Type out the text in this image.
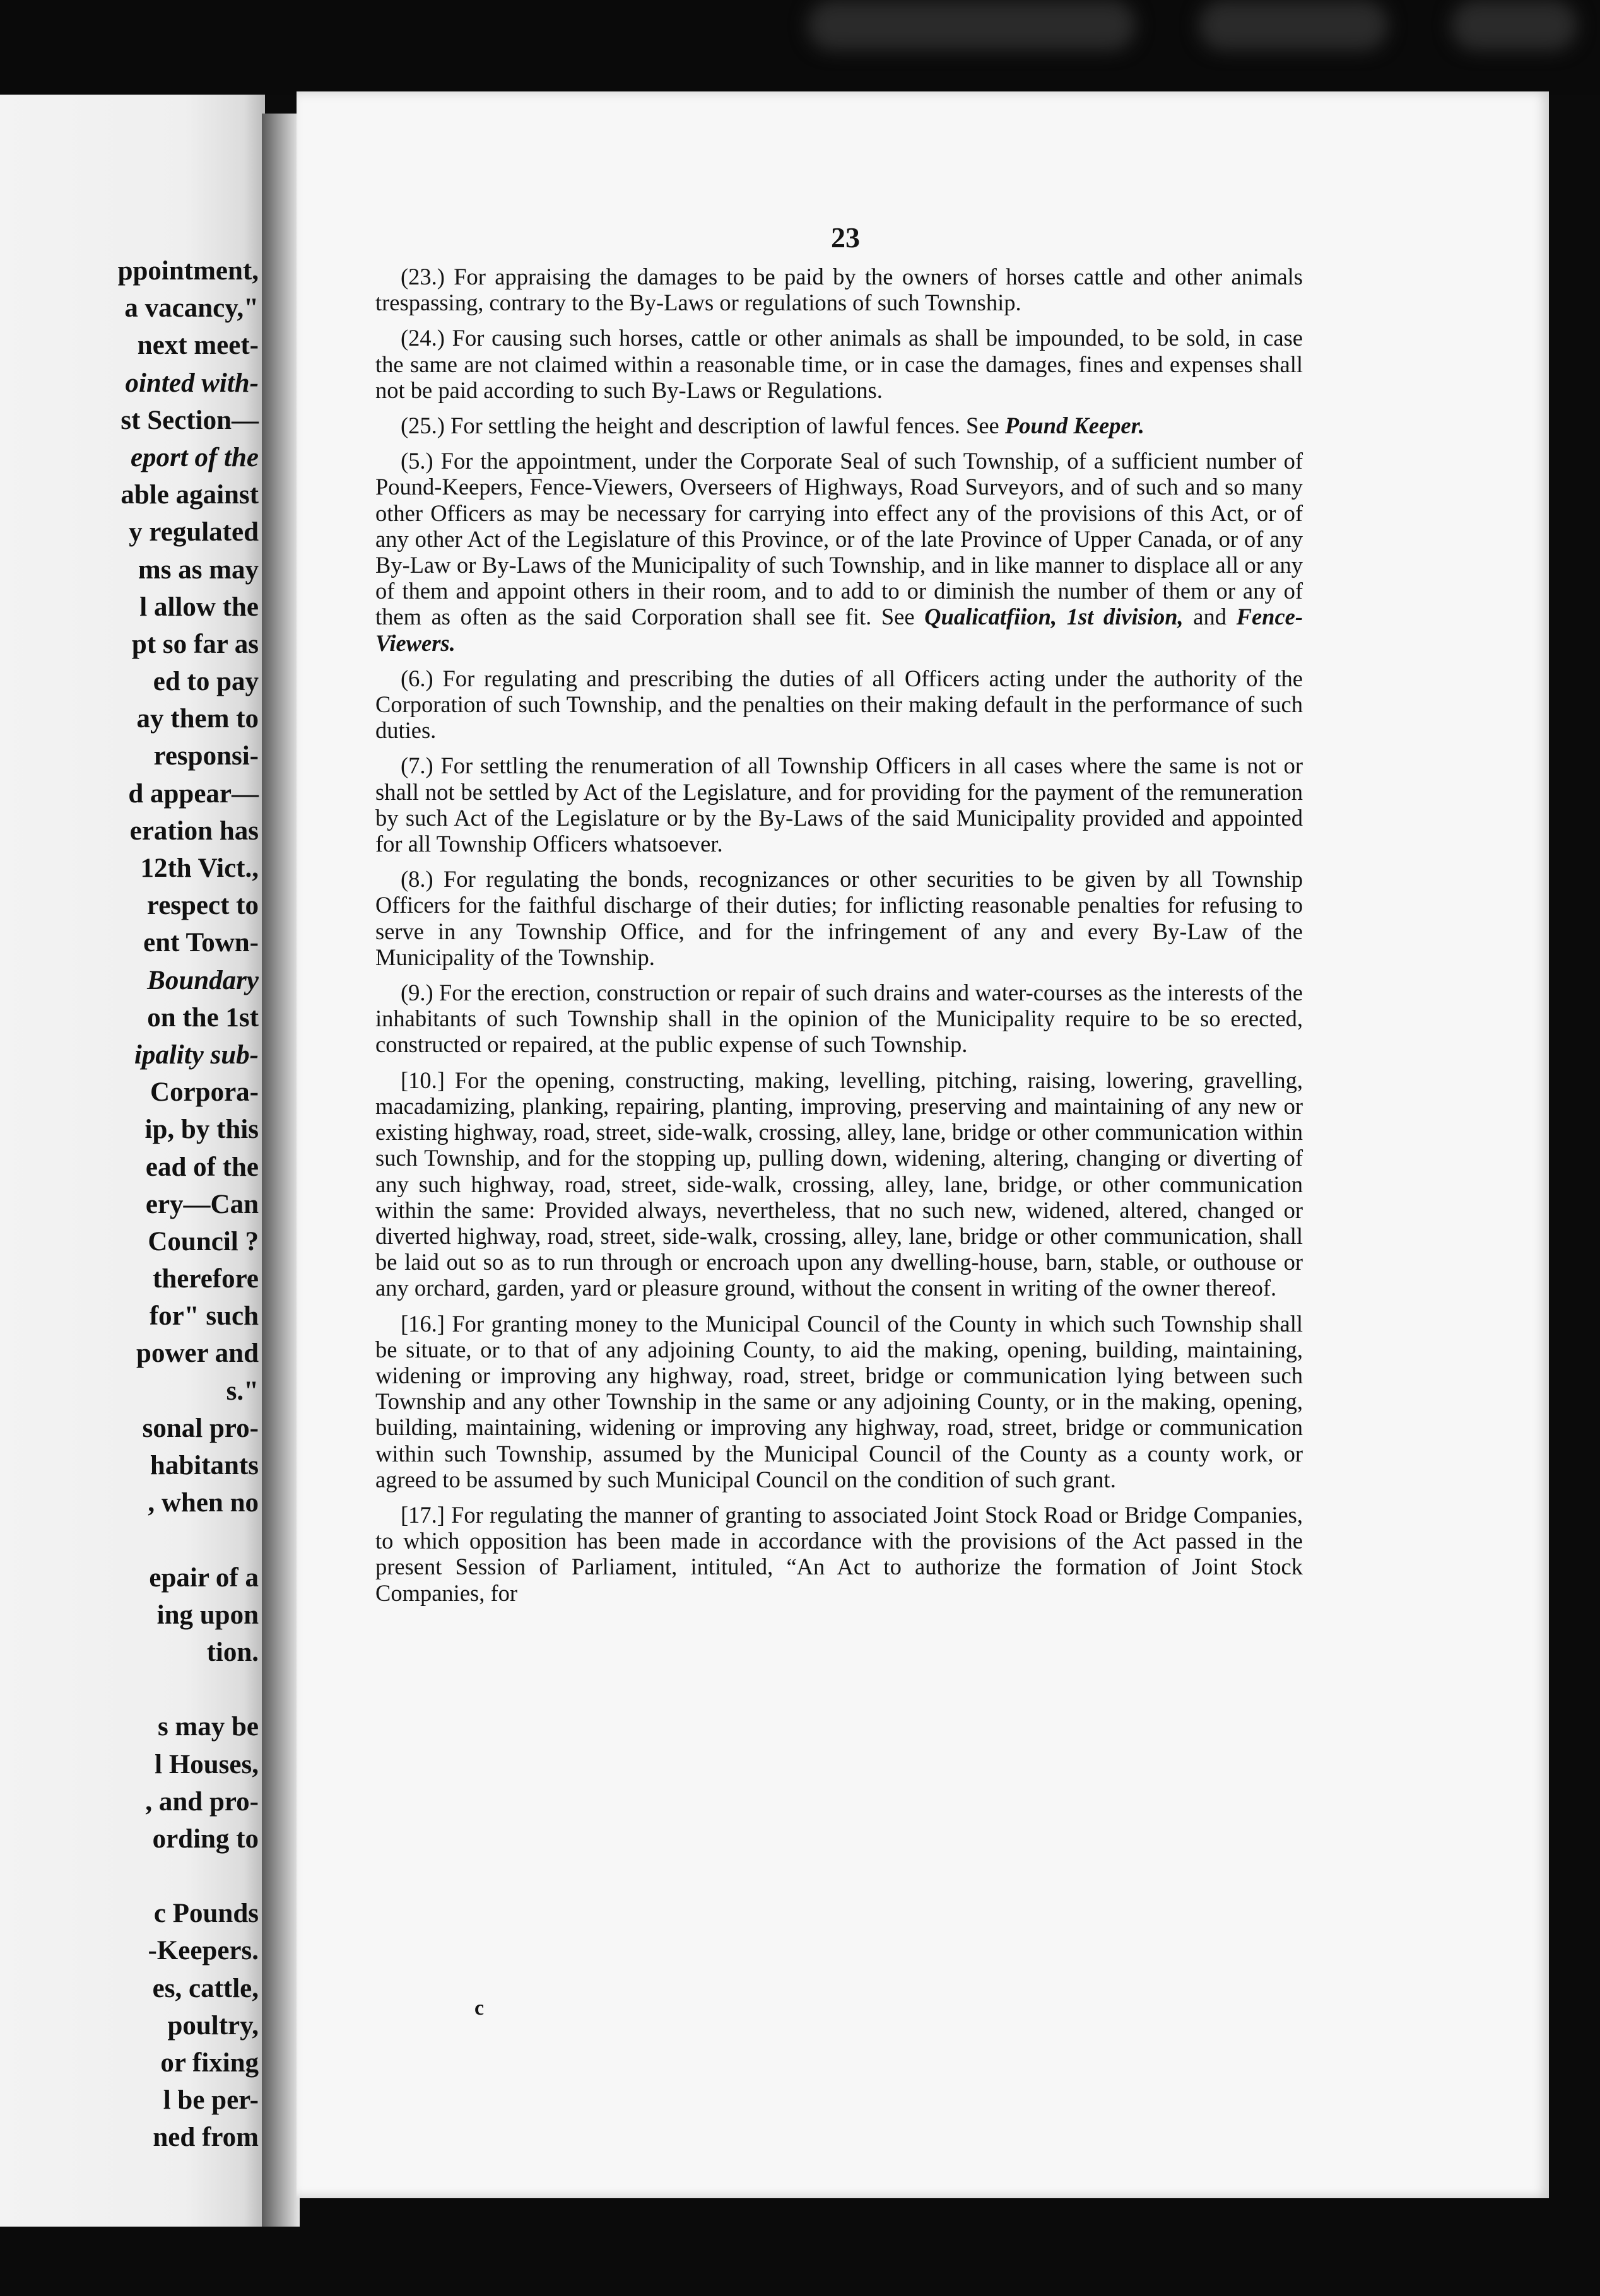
ppointment,
a vacancy,"
next meet-
ointed with-
st Section—
eport of the
able against
y regulated
ms as may
l allow the
pt so far as
ed to pay
ay them to
responsi-
d appear—
eration has
12th Vict.,
respect to
ent Town-
Boundary
on the 1st
ipality sub-
Corpora-
ip, by this
ead of the
ery—Can
Council ?
therefore
for" such
power and
s."
sonal pro-
habitants
, when no
epair of a
ing upon
tion.
s may be
l Houses,
, and pro-
ording to
c Pounds
-Keepers.
es, cattle,
poultry,
or fixing
l be per-
ned from
23

(23.) For appraising the damages to be paid by the owners of horses cattle and other animals trespassing, contrary to the By-Laws or regulations of such Township.

(24.) For causing such horses, cattle or other animals as shall be impounded, to be sold, in case the same are not claimed within a reasonable time, or in case the damages, fines and expenses shall not be paid according to such By-Laws or Regulations.

(25.) For settling the height and description of lawful fences. See Pound Keeper.

(5.) For the appointment, under the Corporate Seal of such Township, of a sufficient number of Pound-Keepers, Fence-Viewers, Overseers of Highways, Road Surveyors, and of such and so many other Officers as may be necessary for carrying into effect any of the provisions of this Act, or of any other Act of the Legislature of this Province, or of the late Province of Upper Canada, or of any By-Law or By-Laws of the Municipality of such Township, and in like manner to displace all or any of them and appoint others in their room, and to add to or diminish the number of them or any of them as often as the said Corporation shall see fit. See Qualicatfiion, 1st division, and Fence-Viewers.

(6.) For regulating and prescribing the duties of all Officers acting under the authority of the Corporation of such Township, and the penalties on their making default in the performance of such duties.

(7.) For settling the renumeration of all Township Officers in all cases where the same is not or shall not be settled by Act of the Legislature, and for providing for the payment of the remuneration by such Act of the Legislature or by the By-Laws of the said Municipality provided and appointed for all Township Officers whatsoever.

(8.) For regulating the bonds, recognizances or other securities to be given by all Township Officers for the faithful discharge of their duties; for inflicting reasonable penalties for refusing to serve in any Township Office, and for the infringement of any and every By-Law of the Municipality of the Township.

(9.) For the erection, construction or repair of such drains and water-courses as the interests of the inhabitants of such Township shall in the opinion of the Municipality require to be so erected, constructed or repaired, at the public expense of such Township.

[10.] For the opening, constructing, making, levelling, pitching, raising, lowering, gravelling, macadamizing, planking, repairing, planting, improving, preserving and maintaining of any new or existing highway, road, street, side-walk, crossing, alley, lane, bridge or other communication within such Township, and for the stopping up, pulling down, widening, altering, changing or diverting of any such highway, road, street, side-walk, crossing, alley, lane, bridge, or other communication within the same: Provided always, nevertheless, that no such new, widened, altered, changed or diverted highway, road, street, side-walk, crossing, alley, lane, bridge or other communication, shall be laid out so as to run through or encroach upon any dwelling-house, barn, stable, or outhouse or any orchard, garden, yard or pleasure ground, without the consent in writing of the owner thereof.

[16.] For granting money to the Municipal Council of the County in which such Township shall be situate, or to that of any adjoining County, to aid the making, opening, building, maintaining, widening or improving any highway, road, street, bridge or communication lying between such Township and any other Township in the same or any adjoining County, or in the making, opening, building, maintaining, widening or improving any highway, road, street, bridge or communication within such Township, assumed by the Municipal Council of the County as a county work, or agreed to be assumed by such Municipal Council on the condition of such grant.

[17.] For regulating the manner of granting to associated Joint Stock Road or Bridge Companies, to which opposition has been made in accordance with the provisions of the Act passed in the present Session of Parliament, intituled, “An Act to authorize the formation of Joint Stock Companies, for

c
